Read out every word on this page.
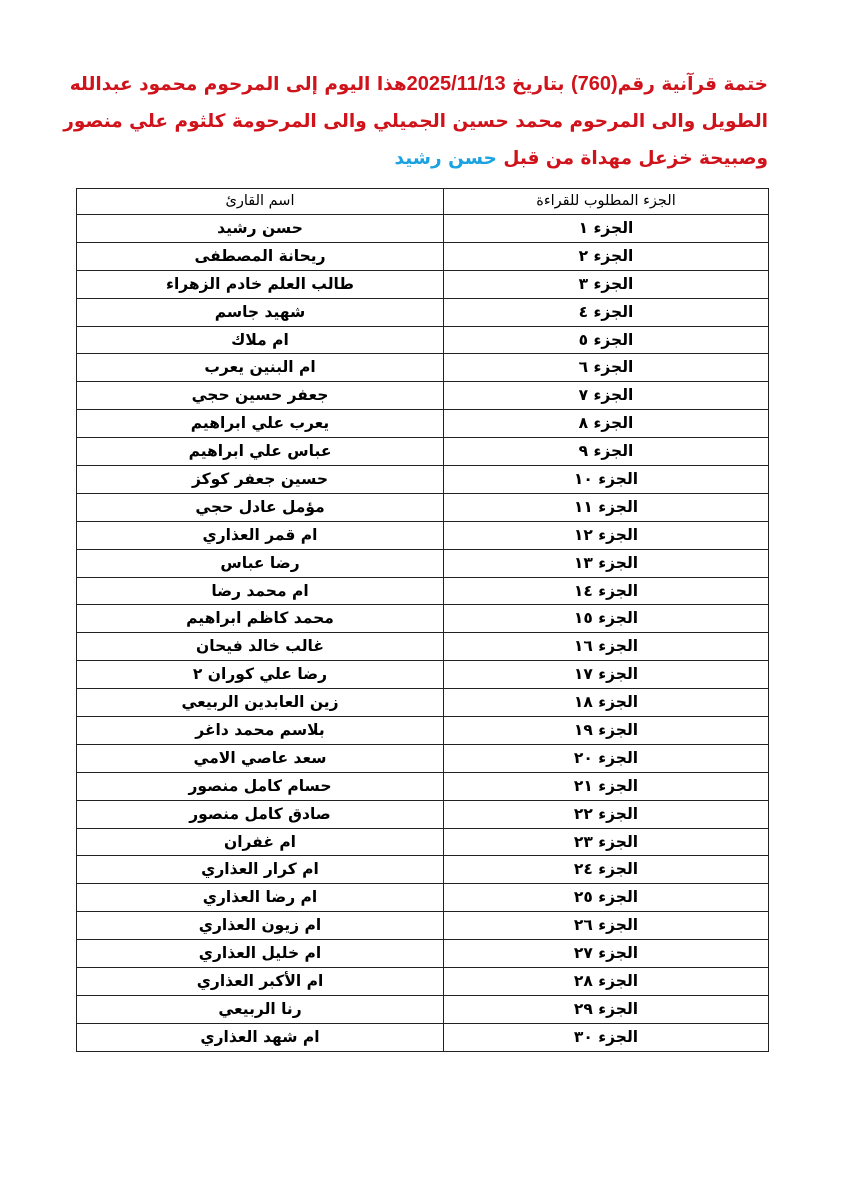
ختمة قرآنية رقم(760) بتاريخ 2025/11/13هذا اليوم إلى المرحوم محمود عبدالله
الطويل والى المرحوم محمد حسين الجميلي والى المرحومة كلثوم علي منصور
وصبيحة خزعل مهداة من قبل حسن رشيد
الجزء المطلوب للقراءة	اسم القارئ
الجزء ١	حسن رشيد
الجزء ٢	ريحانة المصطفى
الجزء ٣	طالب العلم خادم الزهراء
الجزء ٤	شهيد جاسم
الجزء ٥	ام ملاك
الجزء ٦	ام البنين يعرب
الجزء ٧	جعفر حسين حجي
الجزء ٨	يعرب علي ابراهيم
الجزء ٩	عباس علي ابراهيم
الجزء ١٠	حسين جعفر كوكز
الجزء ١١	مؤمل عادل حجي
الجزء ١٢	ام قمر العذاري
الجزء ١٣	رضا عباس
الجزء ١٤	ام محمد رضا
الجزء ١٥	محمد كاظم ابراهيم
الجزء ١٦	غالب خالد فيحان
الجزء ١٧	رضا علي كوران ٢
الجزء ١٨	زين العابدين الربيعي
الجزء ١٩	بلاسم محمد داغر
الجزء ٢٠	سعد عاصي الامي
الجزء ٢١	حسام كامل منصور
الجزء ٢٢	صادق كامل منصور
الجزء ٢٣	ام غفران
الجزء ٢٤	ام كرار العذاري
الجزء ٢٥	ام رضا العذاري
الجزء ٢٦	ام زيون العذاري
الجزء ٢٧	ام خليل العذاري
الجزء ٢٨	ام الأكبر العذاري
الجزء ٢٩	رنا الربيعي
الجزء ٣٠	ام شهد العذاري
